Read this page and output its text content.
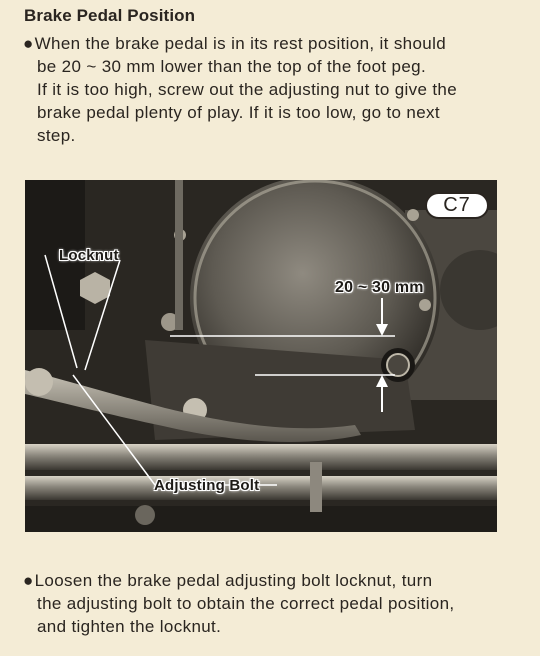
Brake Pedal Position
●When the brake pedal is in its rest position, it should
be 20 ~ 30 mm lower than the top of the foot peg.
If it is too high, screw out the adjusting nut to give the
brake pedal plenty of play. If it is too low, go to next
step.
C7
Locknut
20 ~ 30 mm
Adjusting Bolt
●Loosen the brake pedal adjusting bolt locknut, turn
the adjusting bolt to obtain the correct pedal position,
and tighten the locknut.
